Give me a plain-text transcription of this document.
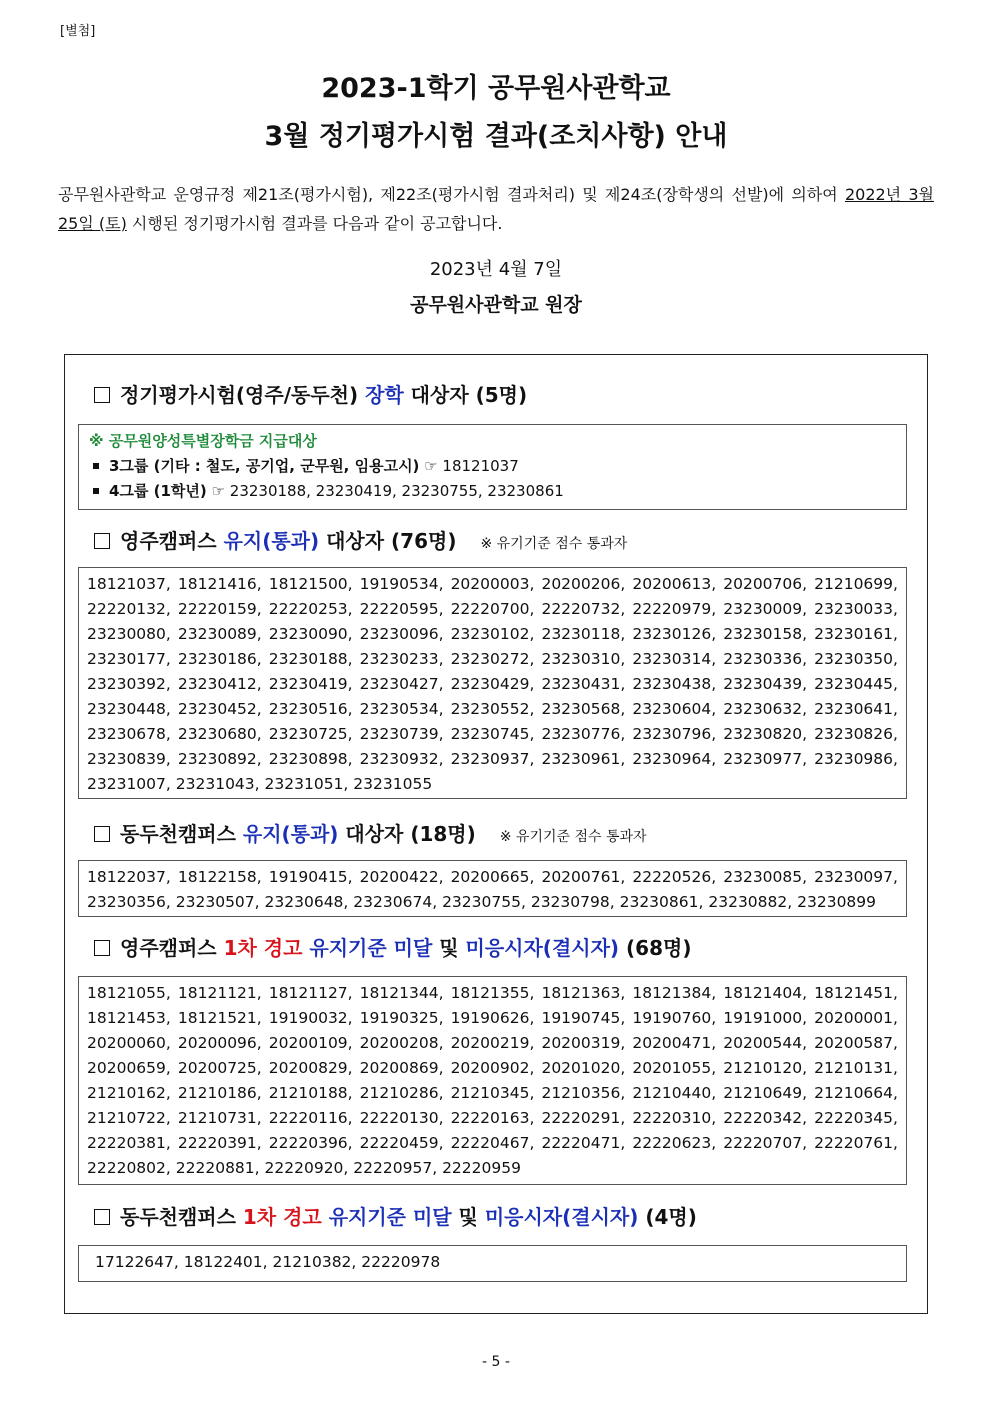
[별첨]
2023-1학기 공무원사관학교
3월 정기평가시험 결과(조치사항) 안내
공무원사관학교 운영규정 제21조(평가시험), 제22조(평가시험 결과처리) 및 제24조(장학생의 선발)에 의하여 2022년 3월 25일 (토) 시행된 정기평가시험 결과를 다음과 같이 공고합니다.
2023년 4월 7일
공무원사관학교 원장
정기평가시험(영주/동두천) 장학 대상자 (5명)
※ 공무원양성특별장학금 지급대상
3그룹 (기타 : 철도, 공기업, 군무원, 임용고시) ☞ 18121037
4그룹 (1학년) ☞ 23230188, 23230419, 23230755, 23230861
영주캠퍼스 유지(통과) 대상자 (76명) ※ 유기기준 점수 통과자
18121037, 18121416, 18121500, 19190534, 20200003, 20200206, 20200613, 20200706, 21210699, 22220132, 22220159, 22220253, 22220595, 22220700, 22220732, 22220979, 23230009, 23230033, 23230080, 23230089, 23230090, 23230096, 23230102, 23230118, 23230126, 23230158, 23230161, 23230177, 23230186, 23230188, 23230233, 23230272, 23230310, 23230314, 23230336, 23230350, 23230392, 23230412, 23230419, 23230427, 23230429, 23230431, 23230438, 23230439, 23230445, 23230448, 23230452, 23230516, 23230534, 23230552, 23230568, 23230604, 23230632, 23230641, 23230678, 23230680, 23230725, 23230739, 23230745, 23230776, 23230796, 23230820, 23230826, 23230839, 23230892, 23230898, 23230932, 23230937, 23230961, 23230964, 23230977, 23230986, 23231007, 23231043, 23231051, 23231055
동두천캠퍼스 유지(통과) 대상자 (18명) ※ 유기기준 점수 통과자
18122037, 18122158, 19190415, 20200422, 20200665, 20200761, 22220526, 23230085, 23230097, 23230356, 23230507, 23230648, 23230674, 23230755, 23230798, 23230861, 23230882, 23230899
영주캠퍼스 1차 경고 유지기준 미달 및 미응시자(결시자) (68명)
18121055, 18121121, 18121127, 18121344, 18121355, 18121363, 18121384, 18121404, 18121451, 18121453, 18121521, 19190032, 19190325, 19190626, 19190745, 19190760, 19191000, 20200001, 20200060, 20200096, 20200109, 20200208, 20200219, 20200319, 20200471, 20200544, 20200587, 20200659, 20200725, 20200829, 20200869, 20200902, 20201020, 20201055, 21210120, 21210131, 21210162, 21210186, 21210188, 21210286, 21210345, 21210356, 21210440, 21210649, 21210664, 21210722, 21210731, 22220116, 22220130, 22220163, 22220291, 22220310, 22220342, 22220345, 22220381, 22220391, 22220396, 22220459, 22220467, 22220471, 22220623, 22220707, 22220761, 22220802, 22220881, 22220920, 22220957, 22220959
동두천캠퍼스 1차 경고 유지기준 미달 및 미응시자(결시자) (4명)
17122647, 18122401, 21210382, 22220978
- 5 -
